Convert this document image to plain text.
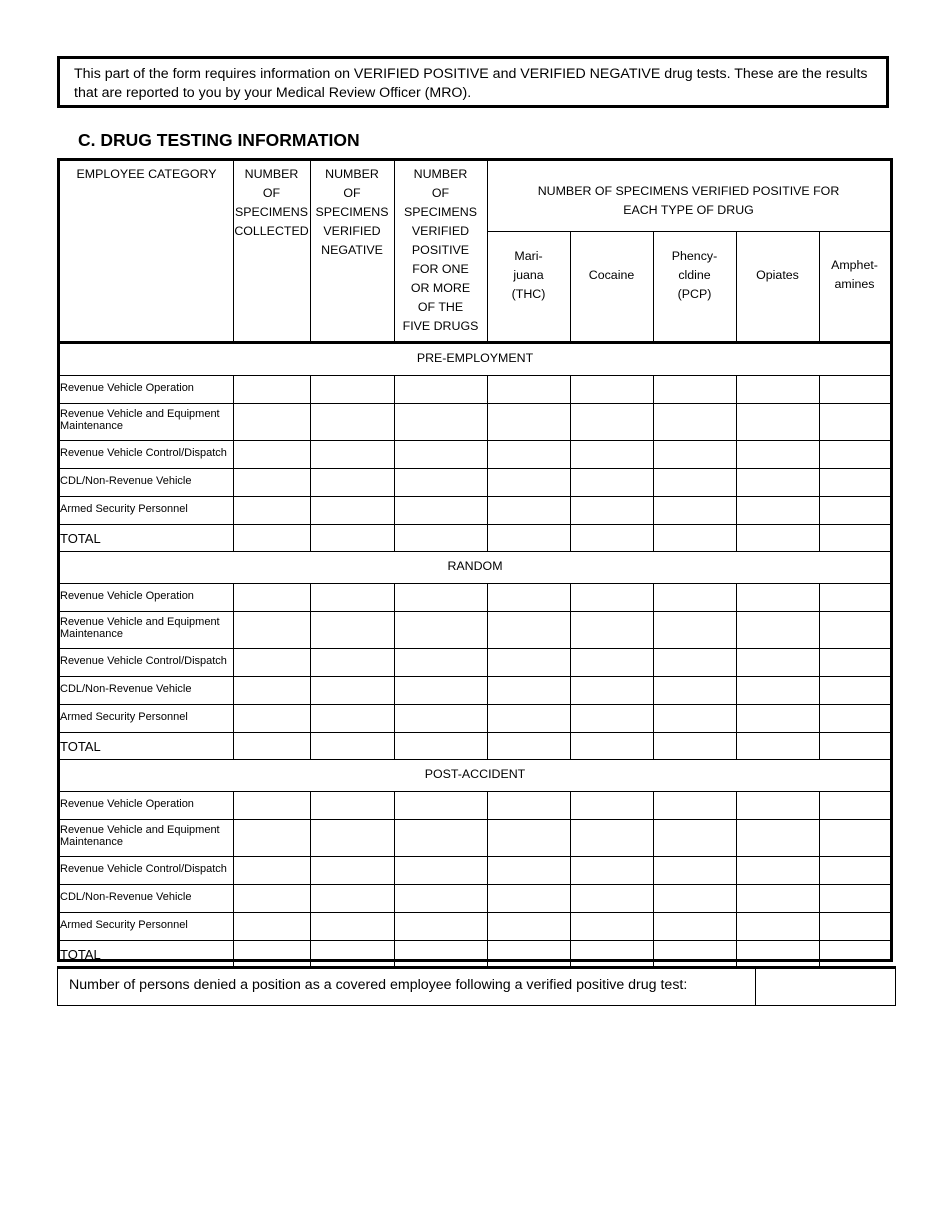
This part of the form requires information on VERIFIED POSITIVE and VERIFIED NEGATIVE drug tests. These are the results that are reported to you by your Medical Review Officer (MRO).

C. DRUG TESTING INFORMATION
EMPLOYEE CATEGORY	NUMBER
OF
SPECIMENS
COLLECTED
NUMBER
OF
SPECIMENS
VERIFIED
NEGATIVE
NUMBER
OF
SPECIMENS
VERIFIED
POSITIVE
FOR ONE
OR MORE
OF THE
FIVE DRUGS
NUMBER OF SPECIMENS VERIFIED POSITIVE FOR
EACH TYPE OF DRUG
Mari-
juana
(THC)
Cocaine
Phency-
cldine
(PCP)
Opiates
Amphet-
amines
PRE-EMPLOYMENT
Revenue Vehicle Operation
Revenue Vehicle and Equipment Maintenance
Revenue Vehicle Control/Dispatch
CDL/Non-Revenue Vehicle
Armed Security Personnel
TOTAL
RANDOM
Revenue Vehicle Operation
Revenue Vehicle and Equipment Maintenance
Revenue Vehicle Control/Dispatch
CDL/Non-Revenue Vehicle
Armed Security Personnel
TOTAL
POST-ACCIDENT
Revenue Vehicle Operation
Revenue Vehicle and Equipment Maintenance
Revenue Vehicle Control/Dispatch
CDL/Non-Revenue Vehicle
Armed Security Personnel
TOTAL
Number of persons denied a position as a covered employee following a verified positive drug test:
